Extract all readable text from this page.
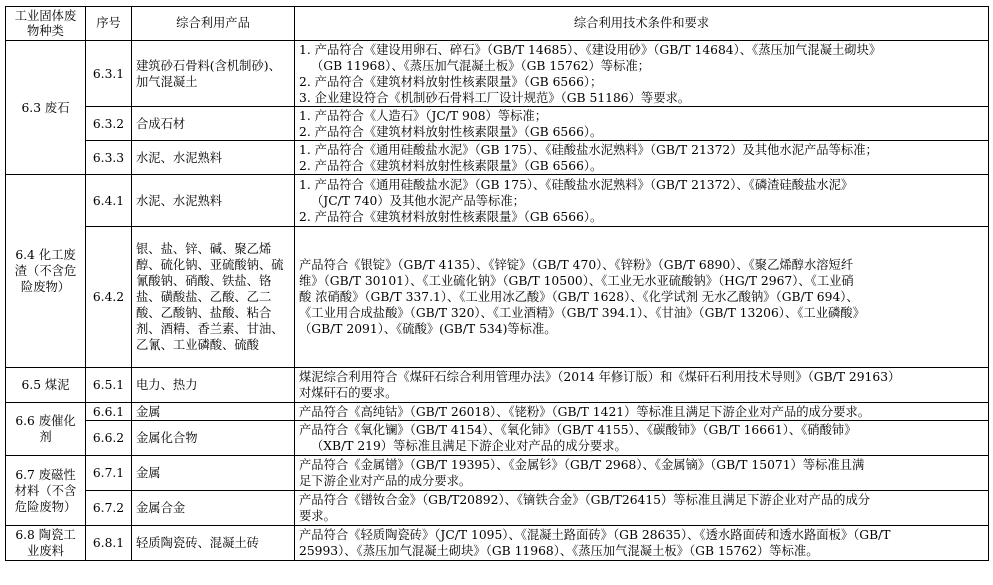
工业固体废物种类	序号	综合利用产品	综合利用技术条件和要求
6.3 废石	6.3.1	建筑砂石骨料(含机制砂)、加气混凝土	1. 产品符合《建设用卵石、碎石》（GB/T 14685）、《建设用砂》（GB/T 14684）、《蒸压加气混凝土砌块》
（GB 11968）、《蒸压加气混凝土板》（GB 15762）等标准；
2. 产品符合《建筑材料放射性核素限量》（GB 6566）；
3. 企业建设符合《机制砂石骨料工厂设计规范》（GB 51186）等要求。

	6.3.2	合成石材	1. 产品符合《人造石》（JC/T 908）等标准；
2. 产品符合《建筑材料放射性核素限量》（GB 6566）。

	6.3.3	水泥、水泥熟料	1. 产品符合《通用硅酸盐水泥》（GB 175）、《硅酸盐水泥熟料》（GB/T 21372）及其他水泥产品等标准；
2. 产品符合《建筑材料放射性核素限量》（GB 6566）。

6.4 化工废渣（不含危险废物）	6.4.1	水泥、水泥熟料	1. 产品符合《通用硅酸盐水泥》（GB 175）、《硅酸盐水泥熟料》（GB/T 21372）、《磷渣硅酸盐水泥》
（JC/T 740）及其他水泥产品等标准；
2. 产品符合《建筑材料放射性核素限量》（GB 6566）。

	6.4.2	银、盐、锌、碱、聚乙烯醇、硫化钠、亚硫酸钠、硫氰酸钠、硝酸、铁盐、铬盐、磺酸盐、乙酸、乙二酸、乙酸钠、盐酸、粘合剂、酒精、香兰素、甘油、乙氰、工业磷酸、硫酸	产品符合《银锭》（GB/T 4135）、《锌锭》（GB/T 470）、《锌粉》（GB/T 6890）、《聚乙烯醇水溶短纤
维》（GB/T 30101）、《工业硫化钠》（GB/T 10500）、《工业无水亚硫酸钠》（HG/T 2967）、《工业硝
酸 浓硝酸》（GB/T 337.1）、《工业用冰乙酸》（GB/T 1628）、《化学试剂 无水乙酸钠》（GB/T 694）、
《工业用合成盐酸》（GB/T 320）、《工业酒精》（GB/T 394.1）、《甘油》（GB/T 13206）、《工业磷酸》
（GB/T 2091）、《硫酸》(GB/T 534)等标准。

6.5 煤泥	6.5.1	电力、热力	煤泥综合利用符合《煤矸石综合利用管理办法》（2014 年修订版）和《煤矸石利用技术导则》（GB/T 29163）
对煤矸石的要求。

6.6 废催化剂	6.6.1	金属	产品符合《高纯钴》（GB/T 26018）、《铑粉》（GB/T 1421）等标准且满足下游企业对产品的成分要求。

	6.6.2	金属化合物	产品符合《氧化镧》（GB/T 4154）、《氧化铈》（GB/T 4155）、《碳酸铈》（GB/T 16661）、《硝酸铈》
（XB/T 219）等标准且满足下游企业对产品的成分要求。

6.7 废磁性材料（不含危险废物）	6.7.1	金属	产品符合《金属镨》（GB/T 19395）、《金属钐》（GB/T 2968）、《金属镝》（GB/T 15071）等标准且满
足下游企业对产品的成分要求。

	6.7.2	金属合金	产品符合《镨钕合金》（GB/T20892）、《镝铁合金》（GB/T26415）等标准且满足下游企业对产品的成分
要求。

6.8 陶瓷工业废料	6.8.1	轻质陶瓷砖、混凝土砖	产品符合《轻质陶瓷砖》（JC/T 1095）、《混凝土路面砖》（GB 28635）、《透水路面砖和透水路面板》（GB/T
25993）、《蒸压加气混凝土砌块》（GB 11968）、《蒸压加气混凝土板》（GB 15762）等标准。
